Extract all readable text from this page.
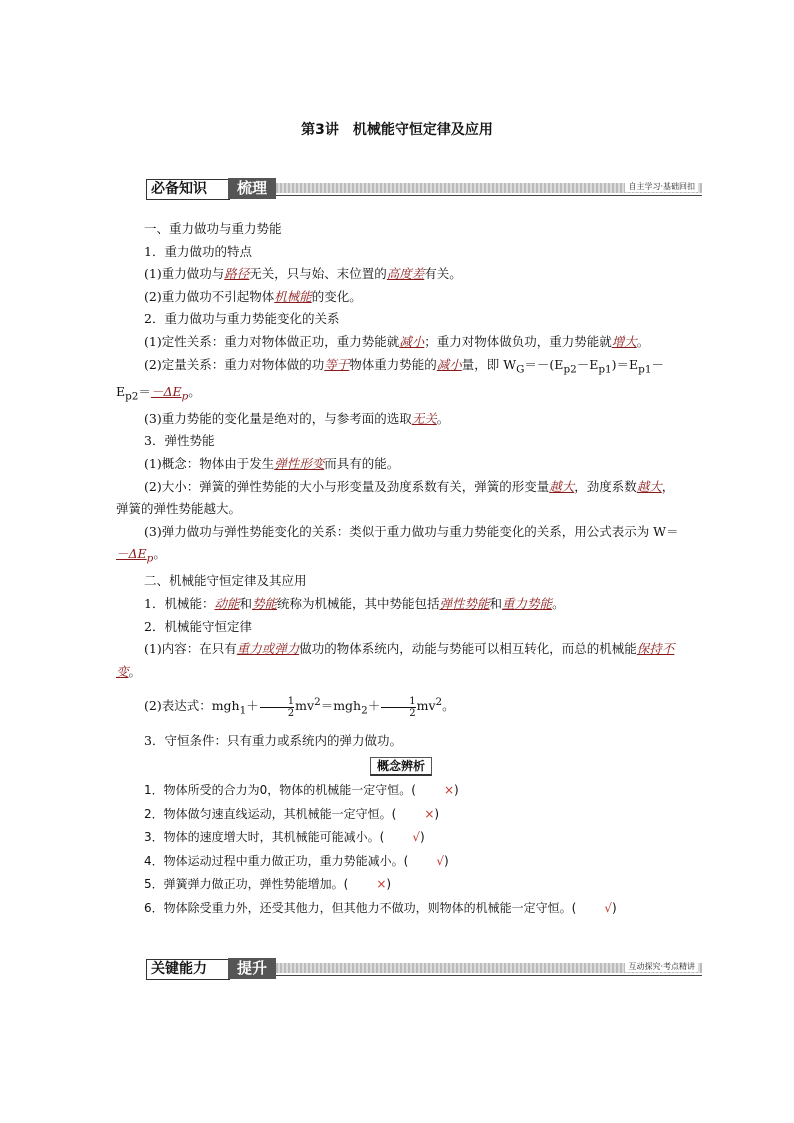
第3讲　机械能守恒定律及应用
必备知识	梳理	自主学习·基础回扣

一、重力做功与重力势能

1．重力做功的特点

(1)重力做功与路径无关，只与始、末位置的高度差有关。

(2)重力做功不引起物体机械能的变化。

2．重力做功与重力势能变化的关系

(1)定性关系：重力对物体做正功，重力势能就减小；重力对物体做负功，重力势能就增大。

(2)定量关系：重力对物体做的功等于物体重力势能的减小量，即 $W_G=-(E_{p2}-E_{p1})=E_{p1}-E_{p2}=-\Delta E_p$。

(3)重力势能的变化量是绝对的，与参考面的选取无关。

3．弹性势能

(1)概念：物体由于发生弹性形变而具有的能。

(2)大小：弹簧的弹性势能的大小与形变量及劲度系数有关，弹簧的形变量越大，劲度系数越大，弹簧的弹性势能越大。

(3)弹力做功与弹性势能变化的关系：类似于重力做功与重力势能变化的关系，用公式表示为 $W=-\Delta E_p$。

二、机械能守恒定律及其应用

1．机械能：动能和势能统称为机械能，其中势能包括弹性势能和重力势能。

2．机械能守恒定律

(1)内容：在只有重力或弹力做功的物体系统内，动能与势能可以相互转化，而总的机械能保持不变。

(2)表达式：$mgh_1+ \frac{1}{2} mv^2=mgh_2+ \frac{1}{2} mv^2$。

3．守恒条件：只有重力或系统内的弹力做功。

概念辨析

1．物体所受的合力为0，物体的机械能一定守恒。( ×)

2．物体做匀速直线运动，其机械能一定守恒。( ×)

3．物体的速度增大时，其机械能可能减小。( √)

4．物体运动过程中重力做正功，重力势能减小。( √)

5．弹簧弹力做正功，弹性势能增加。( ×)

6．物体除受重力外，还受其他力，但其他力不做功，则物体的机械能一定守恒。( √)

关键能力	提升	互动探究·考点精讲
